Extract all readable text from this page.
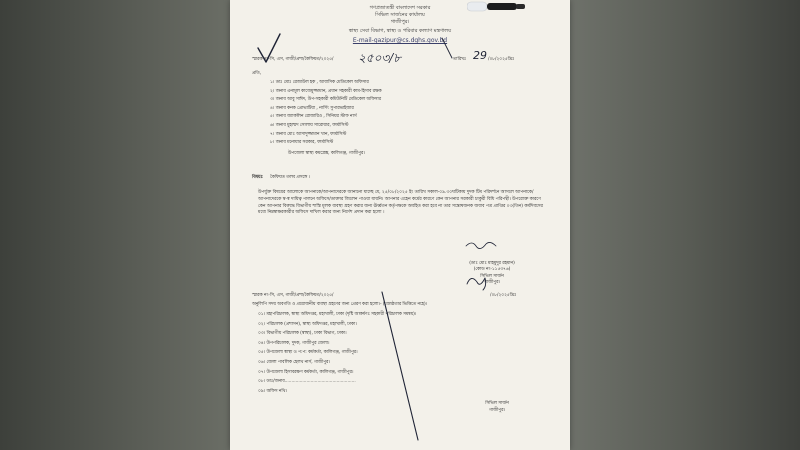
গণপ্রজাতন্ত্রী বাংলাদেশ সরকার
সিভিল সার্জনের কার্যালয়
গাজীপুর।
স্বাস্থ্য সেবা বিভাগ, স্বাস্থ্য ও পরিবার কল্যাণ মন্ত্রণালয়
E-mail-gazipur@cs.dghs.gov.bd
স্মারক নং-সি, এস, গাজী/প্রশা/কৈফিয়ত/২০২৫/ ২৫০৩/৮	তারিখঃ 29 /০৮/২০২৫খ্রিঃ
প্রতি,
১। ডাঃ মোঃ রেজাউল হক , আবাসিক মেডিকেল অফিসার
২। জনাব এনামুল কাজেমুজ্জামান, প্রধান সহকারী কাম-হিসাব রক্ষক
৩। জনাব আবু সাঈদ, উপ-সহকারী কমিউনিটি মেডিকেল অফিসার
৪। জনাব কনক প্রোভাটিয়া , নার্সিং সুপারভাইজার
৫। জনাব জ্যাকলিন রোজারিও , সিনিয়র স্টাফ নার্স
৬। জনাব মুহাম্মদ সোলায় সারোয়ার, ফার্মাসিস্ট
৭। জনাব মোঃ আসাদুজ্জামান খান, ফার্মাসিস্ট
৮। জনাব মনোয়ার সরকার, ফার্মাসিস্ট
উপজেলা স্বাস্থ্য কমপ্লেক্স, কালিগঞ্জ, গাজীপুর।
বিষয়ঃ কৈফিয়ত তলব প্রসঙ্গে ।
উপর্যুক্ত বিষয়ের আলোকে আপনাকে/আপনাদেরকে জানানো যাচ্ছে যে, ২৫/০৮/২০২৫ ইং তারিখ সকাল-০৯.৩০ঘটিকায় দুদক টিম পরিদর্শনে আসলে আপনাকে/আপনাদেরকে স্ব-স্ব দায়িত্ব পালনে অফিসে/ডাক্তার জিলেন পাওয়া যায়নি। আপনার এহেন কর্মের কারণে কেন আপনার সরকারী চাকুরী বিধি পরিপন্থী। উপরোক্ত কারণে কেন আপনার বিরুদ্ধে বিভাগীয় শাস্তি মূলক ব্যবস্থা গ্রহণ করার জন্য ঊর্ধ্বতন কর্তৃপক্ষকে অবহিত করা হবে না তার সন্তোষজনক জবাব পত্র প্রাপ্তির ০৩(তিন) কর্মদিবসের মধ্যে নিম্নস্বাক্ষরকারীর অফিসে দাখিল করার জন্য নির্দেশ প্রদান করা হলো ।
(ডাঃ মোঃ মাহমুদুর রহমান)
(কোড নং-১১৫৩৭৬)
সিভিল সার্জন
গাজীপুর।
স্মারক নং-সি, এস, গাজী/প্রশা/কৈফিয়ত/২০২৫/	/০৮/২০২৫খ্রিঃ
অনুলিপি সদয় অবগতি ও প্রয়োজনীয় ব্যবস্থা গ্রহণের জন্য প্রেরণ করা হলো।- (জ্যেষ্ঠতার ভিত্তিতে নহে)।
০১। মহাপরিচালক, স্বাস্থ্য অধিদপ্তর, মহাখালী, ঢাকা (দৃষ্টি আকর্ষণঃ সহকারী পরিচালক সমন্বয়)।
০২। পরিচালক (প্রশাসন), স্বাস্থ্য অধিদপ্তর, মহাখালী, ঢাকা।
০৩। বিভাগীয় পরিচালক (স্বাস্থ্য), ঢাকা বিভাগ, ঢাকা।
০৪। উপপরিচালক, দুদক, গাজীপুর জেলা।
০৫। উপজেলা স্বাস্থ্য ও প:প: কর্মকর্তা, কালিগঞ্জ, গাজীপুর।
০৬। জেলা পাবলিক হেলথ নার্স, গাজীপুর।
০৭। উপজেলা হিসাবরক্ষণ কর্মকর্তা, কালিগঞ্জ, গাজীপুর।
০৮। ডাঃ/জনাব....................................................
০৯। অফিস নথি।
সিভিল সার্জন
গাজীপুর।
